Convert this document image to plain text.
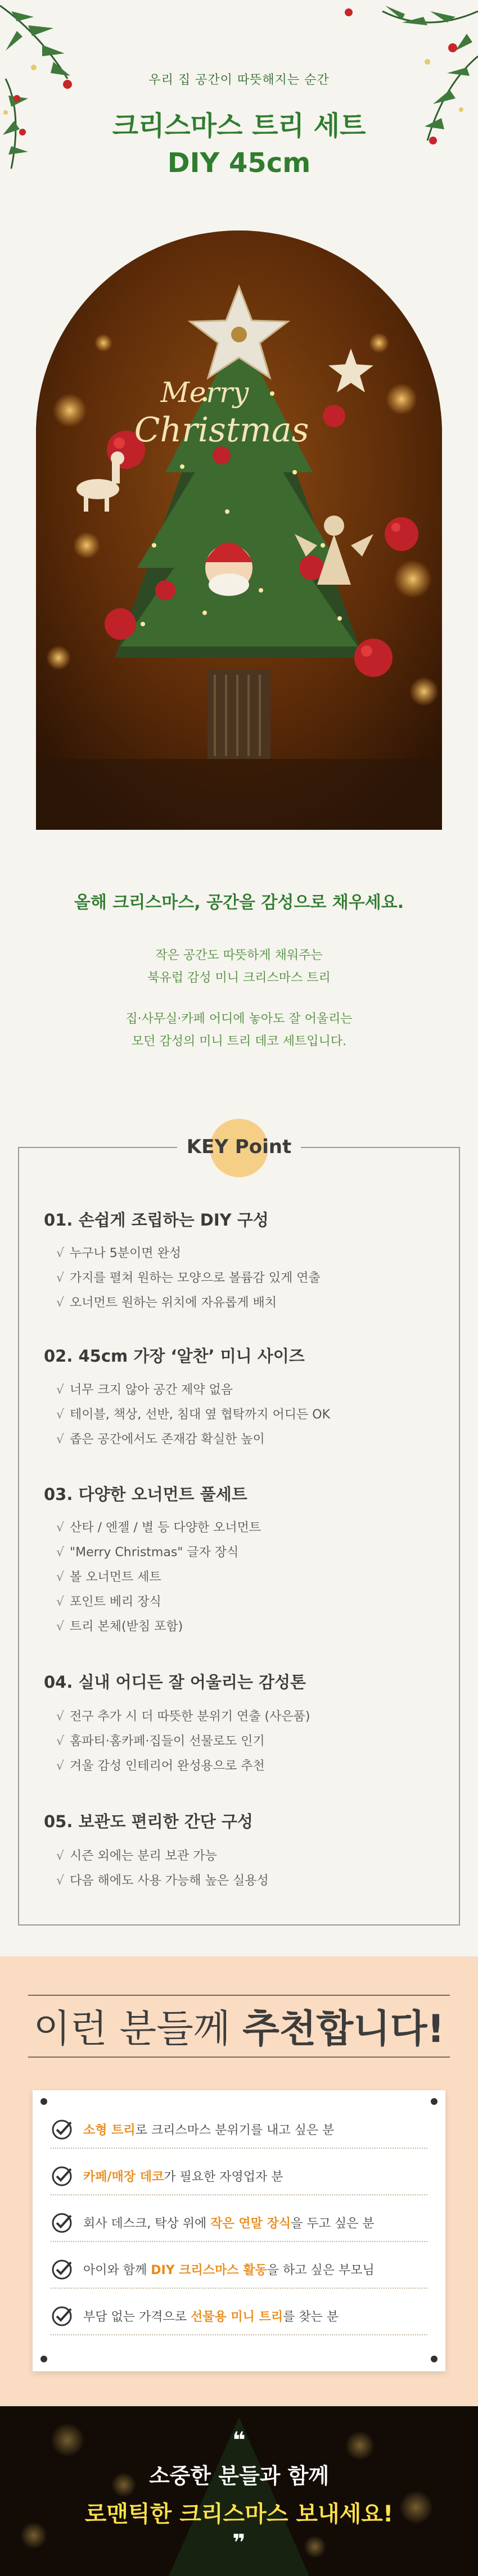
우리 집 공간이 따뜻해지는 순간
크리스마스 트리 세트
DIY 45cm
Merry
Christmas
올해 크리스마스, 공간을 감성으로 채우세요.
작은 공간도 따뜻하게 채워주는
북유럽 감성 미니 크리스마스 트리
집·사무실·카페 어디에 놓아도 잘 어울리는
모던 감성의 미니 트리 데코 세트입니다.
KEY Point
01. 손쉽게 조립하는 DIY 구성
√ 누구나 5분이면 완성
√ 가지를 펼쳐 원하는 모양으로 볼륨감 있게 연출
√ 오너먼트 원하는 위치에 자유롭게 배치
02. 45cm 가장 ‘알찬’ 미니 사이즈
√ 너무 크지 않아 공간 제약 없음
√ 테이블, 책상, 선반, 침대 옆 협탁까지 어디든 OK
√ 좁은 공간에서도 존재감 확실한 높이
03. 다양한 오너먼트 풀세트
√ 산타 / 엔젤 / 별 등 다양한 오너먼트
√ "Merry Christmas" 글자 장식
√ 볼 오너먼트 세트
√ 포인트 베리 장식
√ 트리 본체(받침 포함)
04. 실내 어디든 잘 어울리는 감성톤
√ 전구 추가 시 더 따뜻한 분위기 연출 (사은품)
√ 홈파티·홈카페·집들이 선물로도 인기
√ 겨울 감성 인테리어 완성용으로 추천
05. 보관도 편리한 간단 구성
√ 시즌 외에는 분리 보관 가능
√ 다음 해에도 사용 가능해 높은 실용성
이런 분들께 추천합니다!
소형 트리로 크리스마스 분위기를 내고 싶은 분
카페/매장 데코가 필요한 자영업자 분
회사 데스크, 탁상 위에 작은 연말 장식을 두고 싶은 분
아이와 함께 DIY 크리스마스 활동을 하고 싶은 부모님
부담 없는 가격으로 선물용 미니 트리를 찾는 분
❝
소중한 분들과 함께
로맨틱한 크리스마스 보내세요!
❞
